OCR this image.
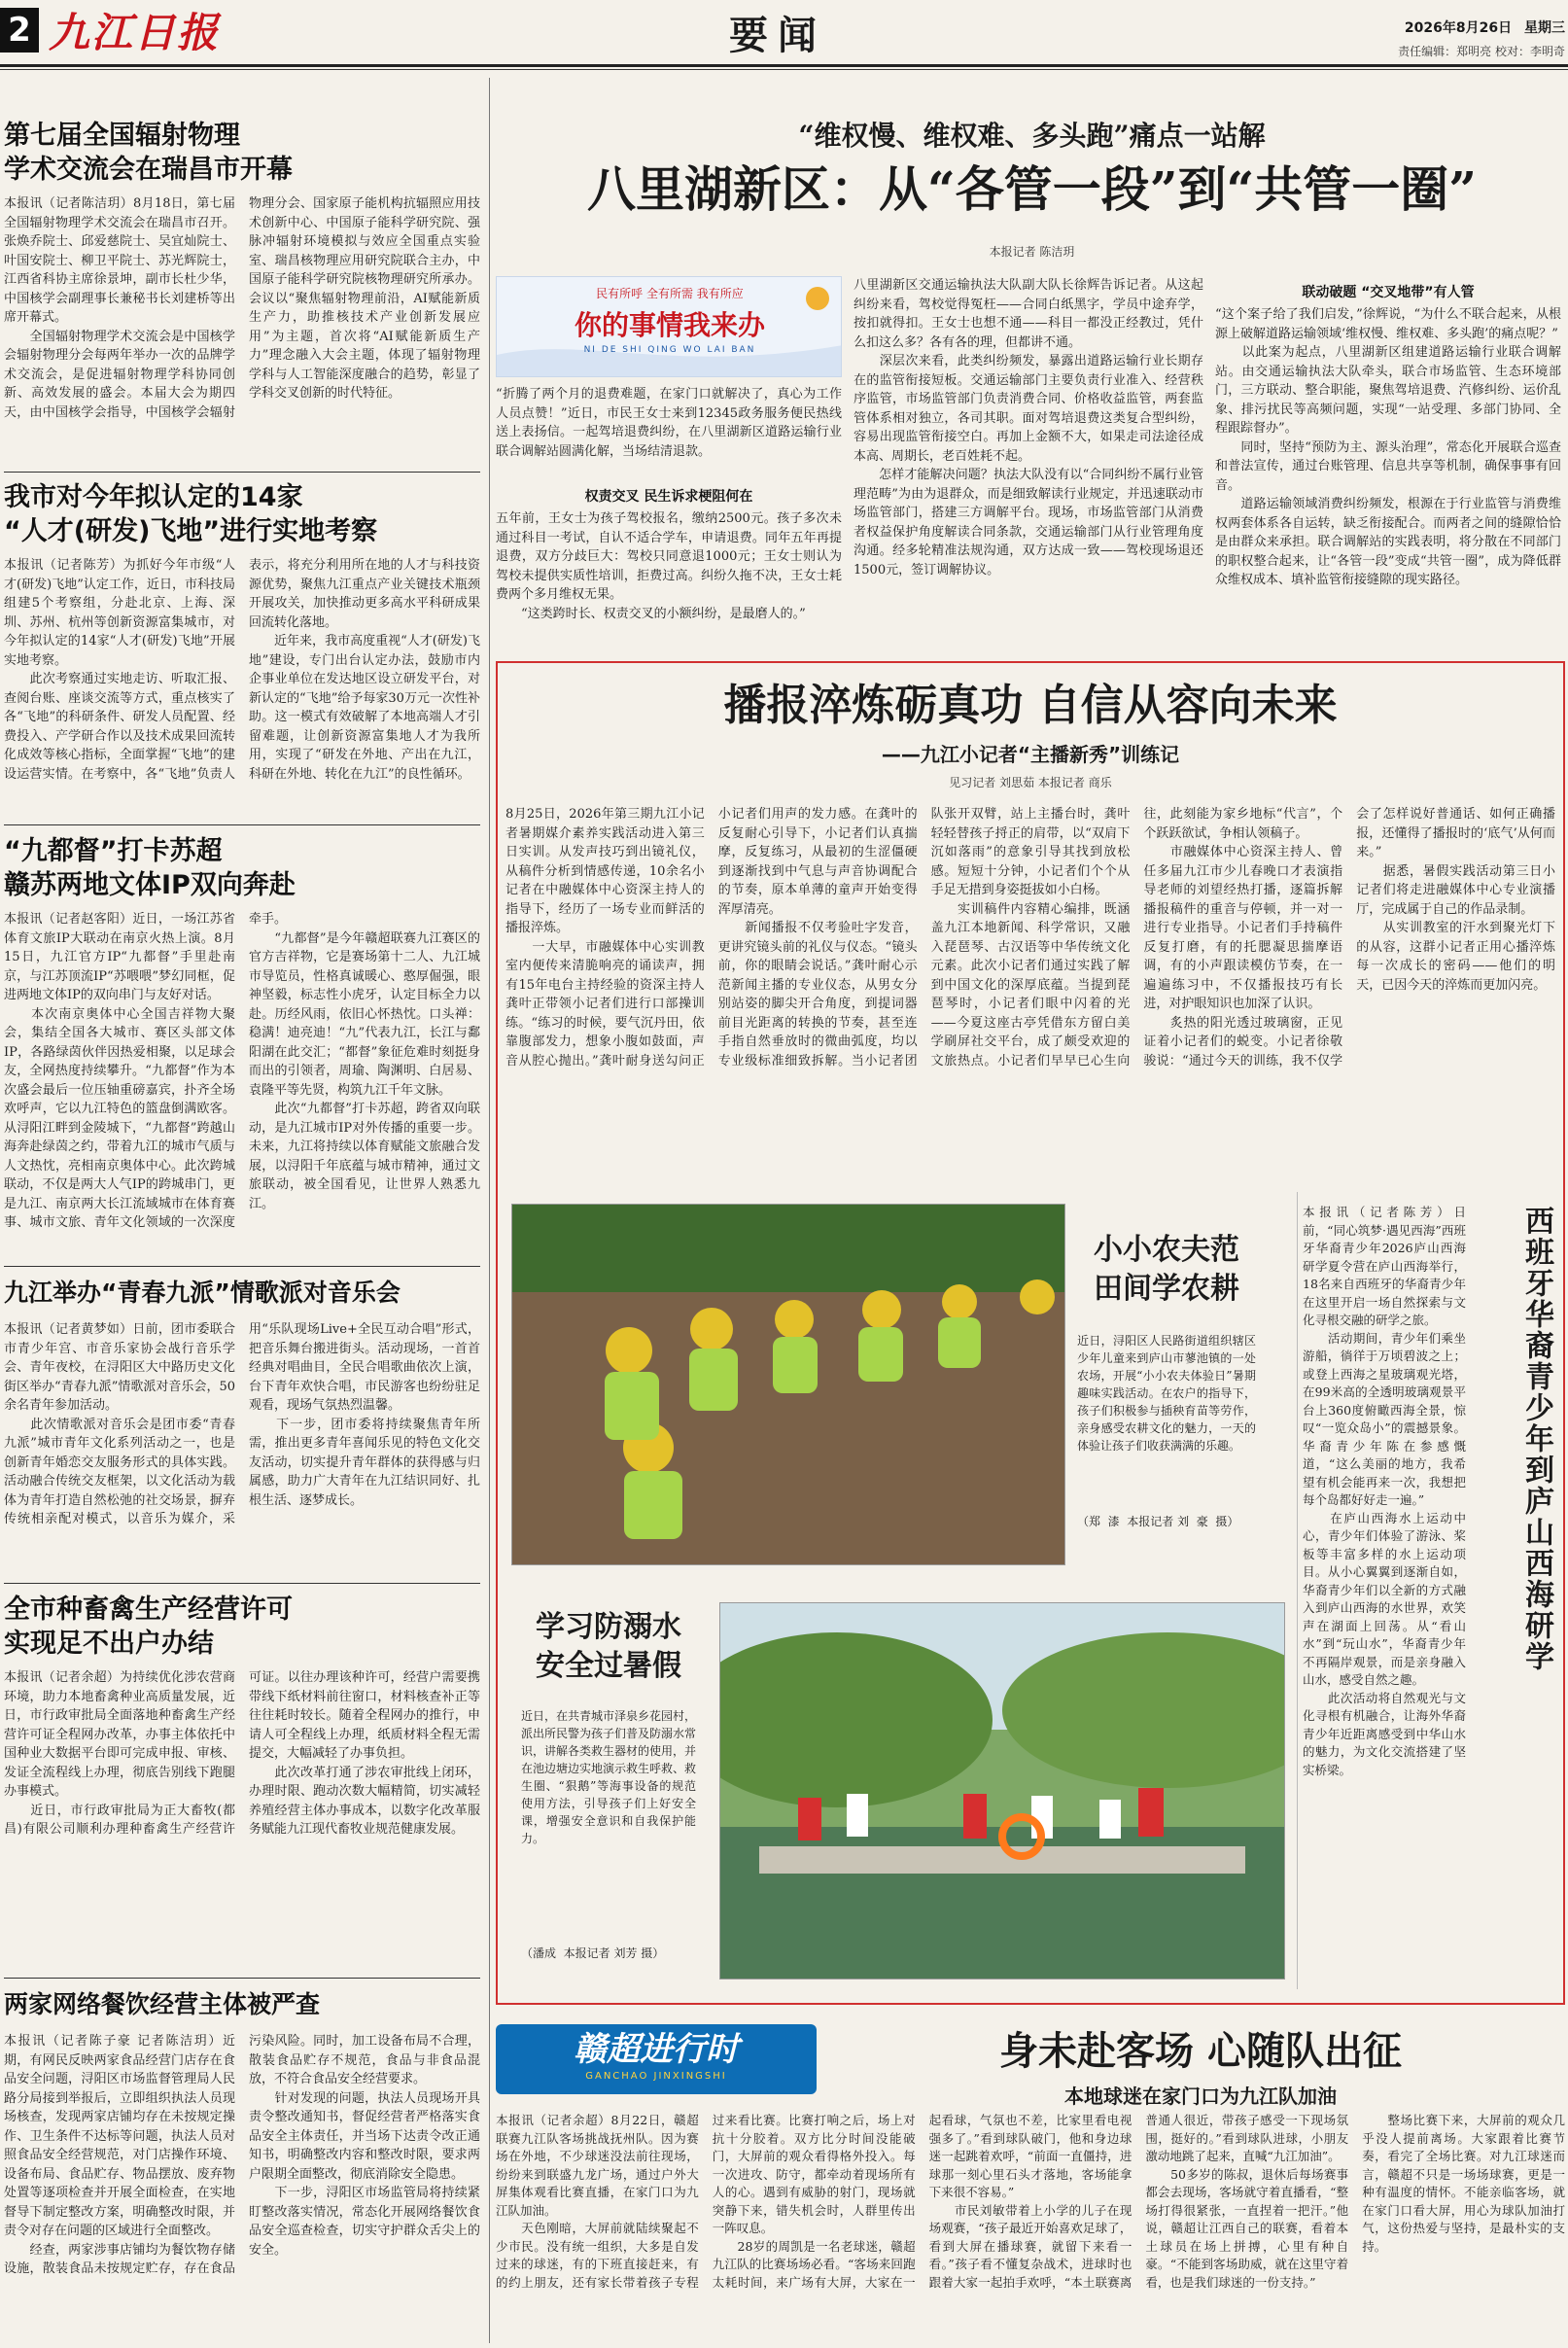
2 九江日报	要闻	2026年8月26日 星期三
责任编辑：郑明亮 校对：李明奇
第七届全国辐射物理
学术交流会在瑞昌市开幕
本报讯（记者陈洁玥）8月18日，第七届全国辐射物理学术交流会在瑞昌市召开。张焕乔院士、邱爱慈院士、吴宜灿院士、叶国安院士、柳卫平院士、苏光辉院士，江西省科协主席徐景坤，副市长杜少华，中国核学会副理事长兼秘书长刘建桥等出席开幕式。
　　全国辐射物理学术交流会是中国核学会辐射物理分会每两年举办一次的品牌学术交流会，是促进辐射物理学科协同创新、高效发展的盛会。本届大会为期四天，由中国核学会指导，中国核学会辐射物理分会、国家原子能机构抗辐照应用技术创新中心、中国原子能科学研究院、强脉冲辐射环境模拟与效应全国重点实验室、瑞昌核物理应用研究院联合主办，中国原子能科学研究院核物理研究所承办。会议以“聚焦辐射物理前沿，AI赋能新质生产力，助推核技术产业创新发展应用”为主题，首次将“AI赋能新质生产力”理念融入大会主题，体现了辐射物理学科与人工智能深度融合的趋势，彰显了学科交叉创新的时代特征。
我市对今年拟认定的14家
“人才(研发)飞地”进行实地考察
本报讯（记者陈芳）为抓好今年市级“人才(研发)飞地”认定工作，近日，市科技局组建5个考察组，分赴北京、上海、深圳、苏州、杭州等创新资源富集城市，对今年拟认定的14家“人才(研发)飞地”开展实地考察。
　　此次考察通过实地走访、听取汇报、查阅台账、座谈交流等方式，重点核实了各“飞地”的科研条件、研发人员配置、经费投入、产学研合作以及技术成果回流转化成效等核心指标，全面掌握“飞地”的建设运营实情。在考察中，各“飞地”负责人表示，将充分利用所在地的人才与科技资源优势，聚焦九江重点产业关键技术瓶颈开展攻关，加快推动更多高水平科研成果回流转化落地。
　　近年来，我市高度重视“人才(研发)飞地”建设，专门出台认定办法，鼓励市内企事业单位在发达地区设立研发平台，对新认定的“飞地”给予每家30万元一次性补助。这一模式有效破解了本地高端人才引留难题，让创新资源富集地人才为我所用，实现了“研发在外地、产出在九江，科研在外地、转化在九江”的良性循环。
“九都督”打卡苏超
赣苏两地文体IP双向奔赴
本报讯（记者赵客阳）近日，一场江苏省体育文旅IP大联动在南京火热上演。8月15日，九江官方IP“九都督”手里赴南京，与江苏顶流IP“苏喂喂”梦幻同框，促进两地文体IP的双向串门与友好对话。
　　本次南京奥体中心全国吉祥物大聚会，集结全国各大城市、赛区头部文体IP，各路绿茵伙伴因热爱相聚，以足球会友，全网热度持续攀升。“九都督”作为本次盛会最后一位压轴重磅嘉宾，扑齐全场欢呼声，它以九江特色的篮盘倒满欧客。从浔阳江畔到金陵城下，“九都督”跨越山海奔赴绿茵之约，带着九江的城市气质与人文热忱，亮相南京奥体中心。此次跨城联动，不仅是两大人气IP的跨城串门，更是九江、南京两大长江流域城市在体育赛事、城市文旅、青年文化领域的一次深度牵手。
　　“九都督”是今年赣超联赛九江赛区的官方吉祥物，它是赛场第十二人、九江城市导览员，性格真诚暖心、憨厚倔强，眼神坚毅，标志性小虎牙，认定目标全力以赴。历经风雨，依旧心怀热忱。口头禅：稳满！迪亮迪！“九”代表九江，长江与鄱阳湖在此交汇；“都督”象征危难时刻挺身而出的引领者，周瑜、陶渊明、白居易、袁隆平等先贤，构筑九江千年文脉。
　　此次“九都督”打卡苏超，跨省双向联动，是九江城市IP对外传播的重要一步。未来，九江将持续以体育赋能文旅融合发展，以浔阳千年底蕴与城市精神，通过文旅联动，被全国看见，让世界人熟悉九江。
九江举办“青春九派”情歌派对音乐会
本报讯（记者黄梦如）日前，团市委联合市青少年宫、市音乐家协会战行音乐学会、青年夜校，在浔阳区大中路历史文化街区举办“青春九派”情歌派对音乐会，50余名青年参加活动。
　　此次情歌派对音乐会是团市委“青春九派”城市青年文化系列活动之一，也是创新青年婚恋交友服务形式的具体实践。活动融合传统交友框架，以文化活动为载体为青年打造自然松弛的社交场景，摒弃传统相亲配对模式，以音乐为媒介，采用“乐队现场Live+全民互动合唱”形式，把音乐舞台搬进街头。活动现场，一首首经典对唱曲目，全民合唱歌曲依次上演，台下青年欢快合唱，市民游客也纷纷驻足观看，现场气氛热烈温馨。
　　下一步，团市委将持续聚焦青年所需，推出更多青年喜闻乐见的特色文化交友活动，切实提升青年群体的获得感与归属感，助力广大青年在九江结识同好、扎根生活、逐梦成长。
全市种畜禽生产经营许可
实现足不出户办结
本报讯（记者余超）为持续优化涉农营商环境，助力本地畜禽种业高质量发展，近日，市行政审批局全面落地种畜禽生产经营许可证全程网办改革，办事主体依托中国种业大数据平台即可完成申报、审核、发证全流程线上办理，彻底告别线下跑腿办事模式。
　　近日，市行政审批局为正大畜牧(都昌)有限公司顺利办理种畜禽生产经营许可证。以往办理该种许可，经营户需要携带线下纸材料前往窗口，材料核查补正等往往耗时较长。随着全程网办的推行，申请人可全程线上办理，纸质材料全程无需提交，大幅减轻了办事负担。
　　此次改革打通了涉农审批线上闭环，办理时限、跑动次数大幅精简，切实减轻养殖经营主体办事成本，以数字化改革服务赋能九江现代畜牧业规范健康发展。
两家网络餐饮经营主体被严查
本报讯（记者陈子豪 记者陈洁玥）近期，有网民反映两家食品经营门店存在食品安全问题，浔阳区市场监督管理局人民路分局接到举报后，立即组织执法人员现场核查，发现两家店铺均存在未按规定操作、卫生条件不达标等问题，执法人员对照食品安全经营规范，对门店操作环境、设备布局、食品贮存、物品摆放、废弃物处置等逐项检查并开展全面检查，在实地督导下制定整改方案，明确整改时限，并责令对存在问题的区域进行全面整改。
　　经查，两家涉事店铺均为餐饮物存储设施，散装食品未按规定贮存，存在食品污染风险。同时，加工设备布局不合理，散装食品贮存不规范，食品与非食品混放，不符合食品安全经营要求。
　　针对发现的问题，执法人员现场开具责令整改通知书，督促经营者严格落实食品安全主体责任，并当场下达责令改正通知书，明确整改内容和整改时限，要求两户限期全面整改，彻底消除安全隐患。
　　下一步，浔阳区市场监管局将持续紧盯整改落实情况，常态化开展网络餐饮食品安全巡查检查，切实守护群众舌尖上的安全。
“维权慢、维权难、多头跑”痛点一站解
八里湖新区：从“各管一段”到“共管一圈”
本报记者 陈洁玥
民有所呼 全有所需 我有所应
你的事情我来办
NI DE SHI QING WO LAI BAN
“折腾了两个月的退费难题，在家门口就解决了，真心为工作人员点赞！”近日，市民王女士来到12345政务服务便民热线送上表扬信。一起驾培退费纠纷，在八里湖新区道路运输行业联合调解站圆满化解，当场结清退款。
权责交叉 民生诉求梗阻何在
五年前，王女士为孩子驾校报名，缴纳2500元。孩子多次未通过科目一考试，自认不适合学车，申请退费。同年五年再提退费，双方分歧巨大：驾校只同意退1000元；王女士则认为驾校未提供实质性培训，拒费过高。纠纷久拖不决，王女士耗费两个多月维权无果。
　　“这类跨时长、权责交叉的小额纠纷，是最磨人的。”
八里湖新区交通运输执法大队副大队长徐辉告诉记者。从这起纠纷来看，驾校觉得冤枉——合同白纸黑字，学员中途弃学，按扣就得扣。王女士也想不通——科目一都没正经教过，凭什么扣这么多？各有各的理，但都讲不通。
　　深层次来看，此类纠纷频发，暴露出道路运输行业长期存在的监管衔接短板。交通运输部门主要负责行业准入、经营秩序监管，市场监管部门负责消费合同、价格收益监管，两套监管体系相对独立，各司其职。面对驾培退费这类复合型纠纷，容易出现监管衔接空白。再加上金额不大，如果走司法途径成本高、周期长，老百姓耗不起。
　　怎样才能解决问题？执法大队没有以“合同纠纷不属行业管理范畴”为由为退群众，而是细致解读行业规定，并迅速联动市场监管部门，搭建三方调解平台。现场，市场监管部门从消费者权益保护角度解读合同条款，交通运输部门从行业管理角度沟通。经多轮精准法规沟通，双方达成一致——驾校现场退还1500元，签订调解协议。
联动破题 “交叉地带”有人管
“这个案子给了我们启发，”徐辉说，“为什么不联合起来，从根源上破解道路运输领域‘维权慢、维权难、多头跑’的痛点呢？”
　　以此案为起点，八里湖新区组建道路运输行业联合调解站。由交通运输执法大队牵头，联合市场监管、生态环境部门，三方联动、整合职能，聚焦驾培退费、汽修纠纷、运价乱象、排污扰民等高频问题，实现“一站受理、多部门协同、全程跟踪督办”。
　　同时，坚持“预防为主、源头治理”，常态化开展联合巡查和普法宣传，通过台账管理、信息共享等机制，确保事事有回音。
　　道路运输领域消费纠纷频发，根源在于行业监管与消费维权两套体系各自运转，缺乏衔接配合。而两者之间的缝隙恰恰是由群众来承担。联合调解站的实践表明，将分散在不同部门的职权整合起来，让“各管一段”变成“共管一圈”，成为降低群众维权成本、填补监管衔接缝隙的现实路径。
播报淬炼砺真功 自信从容向未来
——九江小记者“主播新秀”训练记
见习记者 刘思茹 本报记者 商乐
8月25日，2026年第三期九江小记者暑期媒介素养实践活动进入第三日实训。从发声技巧到出镜礼仪，从稿件分析到情感传递，10余名小记者在中融媒体中心资深主持人的指导下，经历了一场专业而鲜活的播报淬炼。
　　一大早，市融媒体中心实训教室内便传来清脆响亮的诵读声，拥有15年电台主持经验的资深主持人龚叶正带领小记者们进行口部操训练。“练习的时候，要气沉丹田，依靠腹部发力，想象小腹如鼓面，声音从腔心抛出。”龚叶耐身送勾问正小记者们用声的发力感。在龚叶的反复耐心引导下，小记者们认真揣摩，反复练习，从最初的生涩僵硬到逐渐找到中气息与声音协调配合的节奏，原本单薄的童声开始变得浑厚清亮。
　　新闻播报不仅考验吐字发音，更讲究镜头前的礼仪与仪态。“镜头前，你的眼睛会说话。”龚叶耐心示范新闻主播的专业仪态，从男女分别站姿的脚尖开合角度，到提词器前目光距离的转换的节奏，甚至连手指自然垂放时的微曲弧度，均以专业级标准细致拆解。当小记者团队张开双臂，站上主播台时，龚叶轻轻替孩子捋正的肩带，以“双肩下沉如落雨”的意象引导其找到放松感。短短十分钟，小记者们个个从手足无措到身姿挺拔如小白杨。
　　实训稿件内容精心编排，既涵盖九江本地新闻、科学常识，又融入琵琶琴、古汉语等中华传统文化元素。此次小记者们通过实践了解到中国文化的深厚底蕴。当提到琵琶琴时，小记者们眼中闪着的光——今夏这座古亭凭借东方留白美学刷屏社交平台，成了颇受欢迎的文旅热点。小记者们早早已心生向往，此刻能为家乡地标“代言”，个个跃跃欲试，争相认领稿子。
　　市融媒体中心资深主持人、曾任多届九江市少儿春晚口才表演指导老师的刘望经热打播，逐篇拆解播报稿件的重音与停顿，并一对一进行专业指导。小记者们手持稿件反复打磨，有的托腮凝思揣摩语调，有的小声跟读模仿节奏，在一遍遍练习中，不仅播报技巧有长进，对护眼知识也加深了认识。
　　炙热的阳光透过玻璃窗，正见证着小记者们的蜕变。小记者徐敬骏说：“通过今天的训练，我不仅学会了怎样说好普通话、如何正确播报，还懂得了播报时的‘底气’从何而来。”
　　据悉，暑假实践活动第三日小记者们将走进融媒体中心专业演播厅，完成属于自己的作品录制。
　　从实训教室的汗水到聚光灯下的从容，这群小记者正用心播淬炼每一次成长的密码——他们的明天，已因今天的淬炼而更加闪亮。
小小农夫范
田间学农耕
近日，浔阳区人民路街道组织辖区少年儿童来到庐山市蓼池镇的一处农场，开展“小小农夫体验日”暑期趣味实践活动。在农户的指导下，孩子们积极参与插秧育苗等劳作，亲身感受农耕文化的魅力，一天的体验让孩子们收获满满的乐趣。
（郑  漆  本报记者 刘  豪  摄）
学习防溺水
安全过暑假
近日，在共青城市泽泉乡花园村，派出所民警为孩子们普及防溺水常识，讲解各类救生器材的使用，并在池边塘边实地演示救生呼救、救生圈、“狠鹅”等海事设备的规范使用方法，引导孩子们上好安全课，增强安全意识和自我保护能力。
（潘成  本报记者 刘芳 摄）
本报讯（记者陈芳）日前，“同心筑梦·遇见西海”西班牙华裔青少年2026庐山西海研学夏令营在庐山西海举行，18名来自西班牙的华裔青少年在这里开启一场自然探索与文化寻根交融的研学之旅。
　　活动期间，青少年们乘坐游船，徜徉于万顷碧波之上；或登上西海之星玻璃观光塔，在99米高的全透明玻璃观景平台上360度俯瞰西海全景，惊叹“一览众岛小”的震撼景象。华裔青少年陈在参感慨道，“这么美丽的地方，我希望有机会能再来一次，我想把每个岛都好好走一遍。”
　　在庐山西海水上运动中心，青少年们体验了游泳、桨板等丰富多样的水上运动项目。从小心翼翼到逐渐自如，华裔青少年们以全新的方式融入到庐山西海的水世界，欢笑声在湖面上回荡。从“看山水”到“玩山水”，华裔青少年不再隔岸观景，而是亲身融入山水，感受自然之趣。
　　此次活动将自然观光与文化寻根有机融合，让海外华裔青少年近距离感受到中华山水的魅力，为文化交流搭建了坚实桥梁。
西班牙华裔青少年到庐山西海研学
赣超进行时
GANCHAO JINXINGSHI
身未赴客场 心随队出征
本地球迷在家门口为九江队加油
本报讯（记者余超）8月22日，赣超联赛九江队客场挑战抚州队。因为赛场在外地，不少球迷没法前往现场，纷纷来到联盛九龙广场，通过户外大屏集体观看比赛直播，在家门口为九江队加油。
　　天色刚暗，大屏前就陆续聚起不少市民。没有统一组织，大多是自发过来的球迷，有的下班直接赶来，有的约上朋友，还有家长带着孩子专程过来看比赛。比赛打响之后，场上对抗十分胶着。双方比分时间没能破门，大屏前的观众看得格外投入。每一次进攻、防守，都牵动着现场所有人的心。遇到有威胁的射门，现场就突静下来，错失机会时，人群里传出一阵叹息。
　　28岁的周凯是一名老球迷，赣超九江队的比赛场场必看。“客场来回跑太耗时间，来广场有大屏，大家在一起看球，气氛也不差，比家里看电视强多了。”看到球队破门，他和身边球迷一起跳着欢呼，“前面一直僵持，进球那一刻心里石头才落地，客场能拿下来很不容易。”
　　市民刘敏带着上小学的儿子在现场观赛，“孩子最近开始喜欢足球了，看到大屏在播球赛，就留下来看一看。”孩子看不懂复杂战术，进球时也跟着大家一起拍手欢呼，“本土联赛离普通人很近，带孩子感受一下现场氛围，挺好的。”看到球队进球，小朋友激动地跳了起来，直喊“九江加油”。
　　50多岁的陈叔，退休后每场赛事都会去现场，客场就守着直播看，“整场打得很紧张，一直捏着一把汗。”他说，赣超让江西自己的联赛，看着本土球员在场上拼搏，心里有种自豪。“不能到客场助威，就在这里守着看，也是我们球迷的一份支持。”
　　整场比赛下来，大屏前的观众几乎没人提前离场。大家跟着比赛节奏，看完了全场比赛。对九江球迷而言，赣超不只是一场场球赛，更是一种有温度的情怀。不能亲临客场，就在家门口看大屏，用心为球队加油打气，这份热爱与坚持，是最朴实的支持。
